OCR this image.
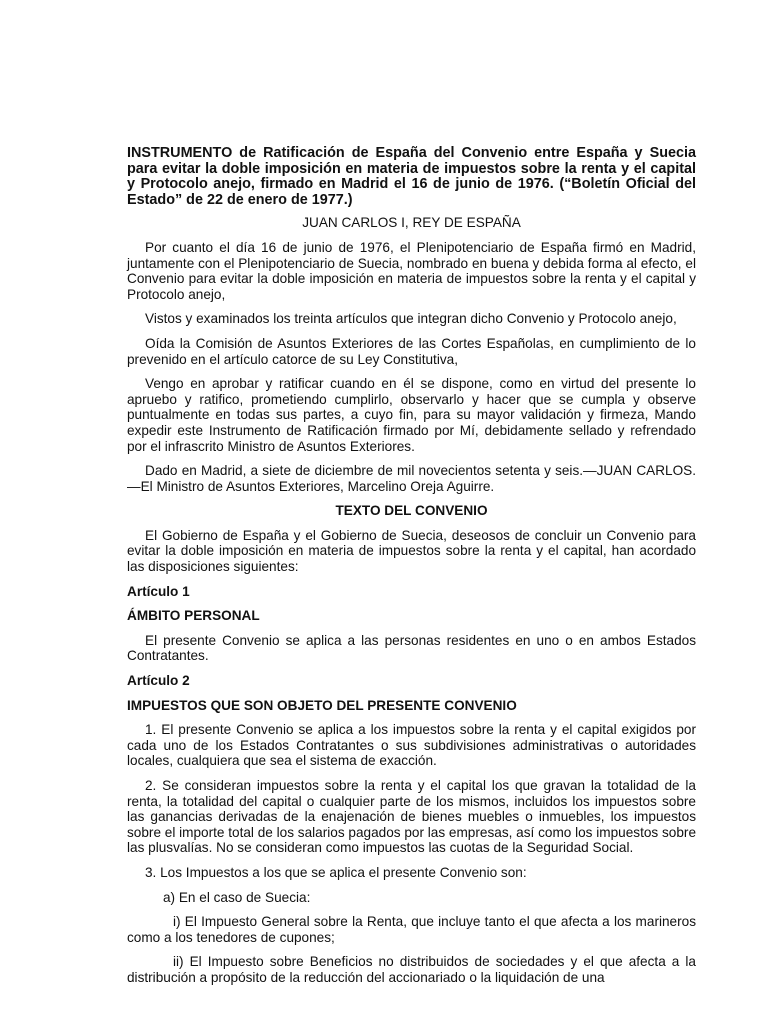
INSTRUMENTO de Ratificación de España del Convenio entre España y Suecia para evitar la doble imposición en materia de impuestos sobre la renta y el capital y Protocolo anejo, firmado en Madrid el 16 de junio de 1976. (“Boletín Oficial del Estado” de 22 de enero de 1977.)
JUAN CARLOS I, REY DE ESPAÑA

Por cuanto el día 16 de junio de 1976, el Plenipotenciario de España firmó en Madrid, juntamente con el Plenipotenciario de Suecia, nombrado en buena y debida forma al efecto, el Convenio para evitar la doble imposición en materia de impuestos sobre la renta y el capital y Protocolo anejo,

Vistos y examinados los treinta artículos que integran dicho Convenio y Protocolo anejo,

Oída la Comisión de Asuntos Exteriores de las Cortes Españolas, en cumplimiento de lo prevenido en el artículo catorce de su Ley Constitutiva,

Vengo en aprobar y ratificar cuando en él se dispone, como en virtud del presente lo apruebo y ratifico, prometiendo cumplirlo, observarlo y hacer que se cumpla y observe puntualmente en todas sus partes, a cuyo fin, para su mayor validación y firmeza, Mando expedir este Instrumento de Ratificación firmado por Mí, debidamente sellado y refrendado por el infrascrito Ministro de Asuntos Exteriores.

Dado en Madrid, a siete de diciembre de mil novecientos setenta y seis.—JUAN CARLOS.—El Ministro de Asuntos Exteriores, Marcelino Oreja Aguirre.

TEXTO DEL CONVENIO

El Gobierno de España y el Gobierno de Suecia, deseosos de concluir un Convenio para evitar la doble imposición en materia de impuestos sobre la renta y el capital, han acordado las disposiciones siguientes:

Artículo 1
ÁMBITO PERSONAL

El presente Convenio se aplica a las personas residentes en uno o en ambos Estados Contratantes.

Artículo 2
IMPUESTOS QUE SON OBJETO DEL PRESENTE CONVENIO

1. El presente Convenio se aplica a los impuestos sobre la renta y el capital exigidos por cada uno de los Estados Contratantes o sus subdivisiones administrativas o autoridades locales, cualquiera que sea el sistema de exacción.

2. Se consideran impuestos sobre la renta y el capital los que gravan la totalidad de la renta, la totalidad del capital o cualquier parte de los mismos, incluidos los impuestos sobre las ganancias derivadas de la enajenación de bienes muebles o inmuebles, los impuestos sobre el importe total de los salarios pagados por las empresas, así como los impuestos sobre las plusvalías. No se consideran como impuestos las cuotas de la Seguridad Social.

3. Los Impuestos a los que se aplica el presente Convenio son:

a) En el caso de Suecia:

i) El Impuesto General sobre la Renta, que incluye tanto el que afecta a los marineros como a los tenedores de cupones;

ii) El Impuesto sobre Beneficios no distribuidos de sociedades y el que afecta a la distribución a propósito de la reducción del accionariado o la liquidación de una
